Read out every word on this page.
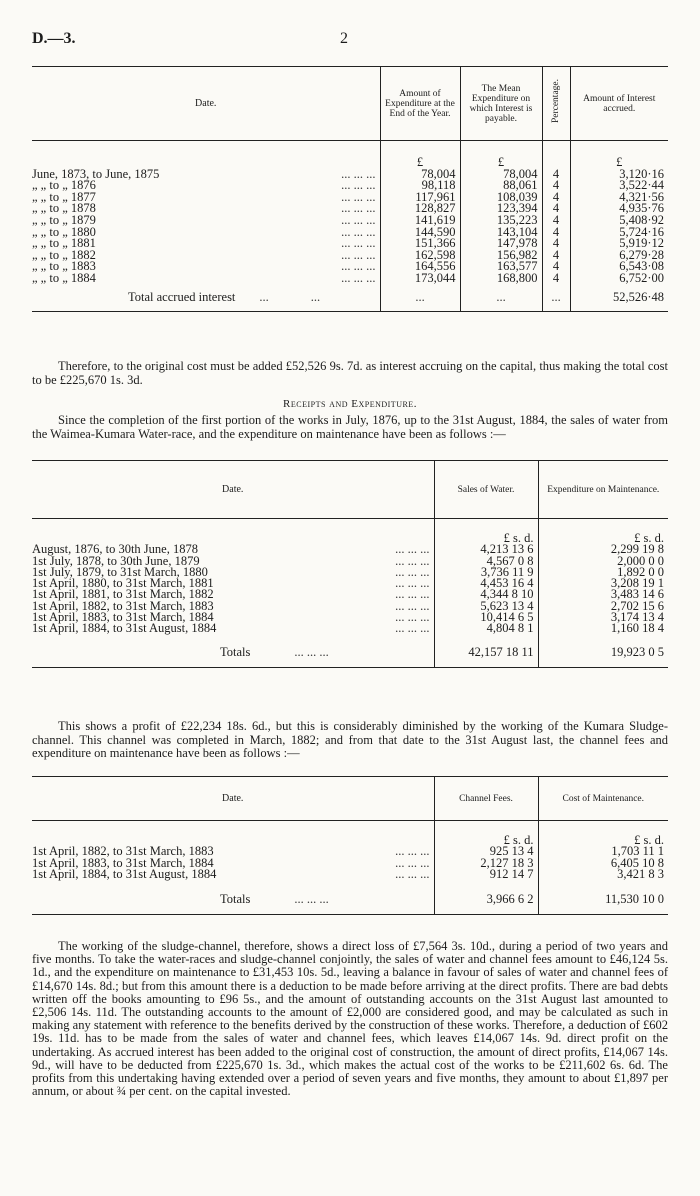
D.—3.	2
Date.	Amount of Expenditure at the End of the Year.	The Mean Expenditure on which Interest is payable.	Percentage.	Amount of Interest accrued.

	£	£		£
June, 1873, to June, 1875 ... ... ...	78,004	78,004	4	3,120·16
„ „ to „ 1876 ... ... ...	98,118	88,061	4	3,522·44
„ „ to „ 1877 ... ... ...	117,961	108,039	4	4,321·56
„ „ to „ 1878 ... ... ...	128,827	123,394	4	4,935·76
„ „ to „ 1879 ... ... ...	141,619	135,223	4	5,408·92
„ „ to „ 1880 ... ... ...	144,590	143,104	4	5,724·16
„ „ to „ 1881 ... ... ...	151,366	147,978	4	5,919·12
„ „ to „ 1882 ... ... ...	162,598	156,982	4	6,279·28
„ „ to „ 1883 ... ... ...	164,556	163,577	4	6,543·08
„ „ to „ 1884 ... ... ...	173,044	168,800	4	6,752·00
Total accrued interest ... ...	...	...	...	52,526·48
Therefore, to the original cost must be added £52,526 9s. 7d. as interest accruing on the capital, thus making the total cost to be £225,670 1s. 3d.
Receipts and Expenditure.
Since the completion of the first portion of the works in July, 1876, up to the 31st August, 1884, the sales of water from the Waimea-Kumara Water-race, and the expenditure on maintenance have been as follows :—
Date.	Sales of Water.	Expenditure on Maintenance.

	£ s. d.	£ s. d.
August, 1876, to 30th June, 1878 ... ... ...	4,213 13 6	2,299 19 8
1st July, 1878, to 30th June, 1879 ... ... ...	4,567 0 8	2,000 0 0
1st July, 1879, to 31st March, 1880 ... ... ...	3,736 11 9	1,892 0 0
1st April, 1880, to 31st March, 1881 ... ... ...	4,453 16 4	3,208 19 1
1st April, 1881, to 31st March, 1882 ... ... ...	4,344 8 10	3,483 14 6
1st April, 1882, to 31st March, 1883 ... ... ...	5,623 13 4	2,702 15 6
1st April, 1883, to 31st March, 1884 ... ... ...	10,414 6 5	3,174 13 4
1st April, 1884, to 31st August, 1884 ... ... ...	4,804 8 1	1,160 18 4
Totals ... ... ...	42,157 18 11	19,923 0 5
This shows a profit of £22,234 18s. 6d., but this is considerably diminished by the working of the Kumara Sludge-channel. This channel was completed in March, 1882; and from that date to the 31st August last, the channel fees and expenditure on maintenance have been as follows :—
Date.	Channel Fees.	Cost of Maintenance.

	£ s. d.	£ s. d.
1st April, 1882, to 31st March, 1883 ... ... ...	925 13 4	1,703 11 1
1st April, 1883, to 31st March, 1884 ... ... ...	2,127 18 3	6,405 10 8
1st April, 1884, to 31st August, 1884 ... ... ...	912 14 7	3,421 8 3
Totals ... ... ...	3,966 6 2	11,530 10 0
The working of the sludge-channel, therefore, shows a direct loss of £7,564 3s. 10d., during a period of two years and five months. To take the water-races and sludge-channel conjointly, the sales of water and channel fees amount to £46,124 5s. 1d., and the expenditure on maintenance to £31,453 10s. 5d., leaving a balance in favour of sales of water and channel fees of £14,670 14s. 8d.; but from this amount there is a deduction to be made before arriving at the direct profits. There are bad debts written off the books amounting to £96 5s., and the amount of outstanding accounts on the 31st August last amounted to £2,506 14s. 11d. The outstanding accounts to the amount of £2,000 are considered good, and may be calculated as such in making any statement with reference to the benefits derived by the construction of these works. Therefore, a deduction of £602 19s. 11d. has to be made from the sales of water and channel fees, which leaves £14,067 14s. 9d. direct profit on the undertaking. As accrued interest has been added to the original cost of construction, the amount of direct profits, £14,067 14s. 9d., will have to be deducted from £225,670 1s. 3d., which makes the actual cost of the works to be £211,602 6s. 6d. The profits from this undertaking having extended over a period of seven years and five months, they amount to about £1,897 per annum, or about ¾ per cent. on the capital invested.
